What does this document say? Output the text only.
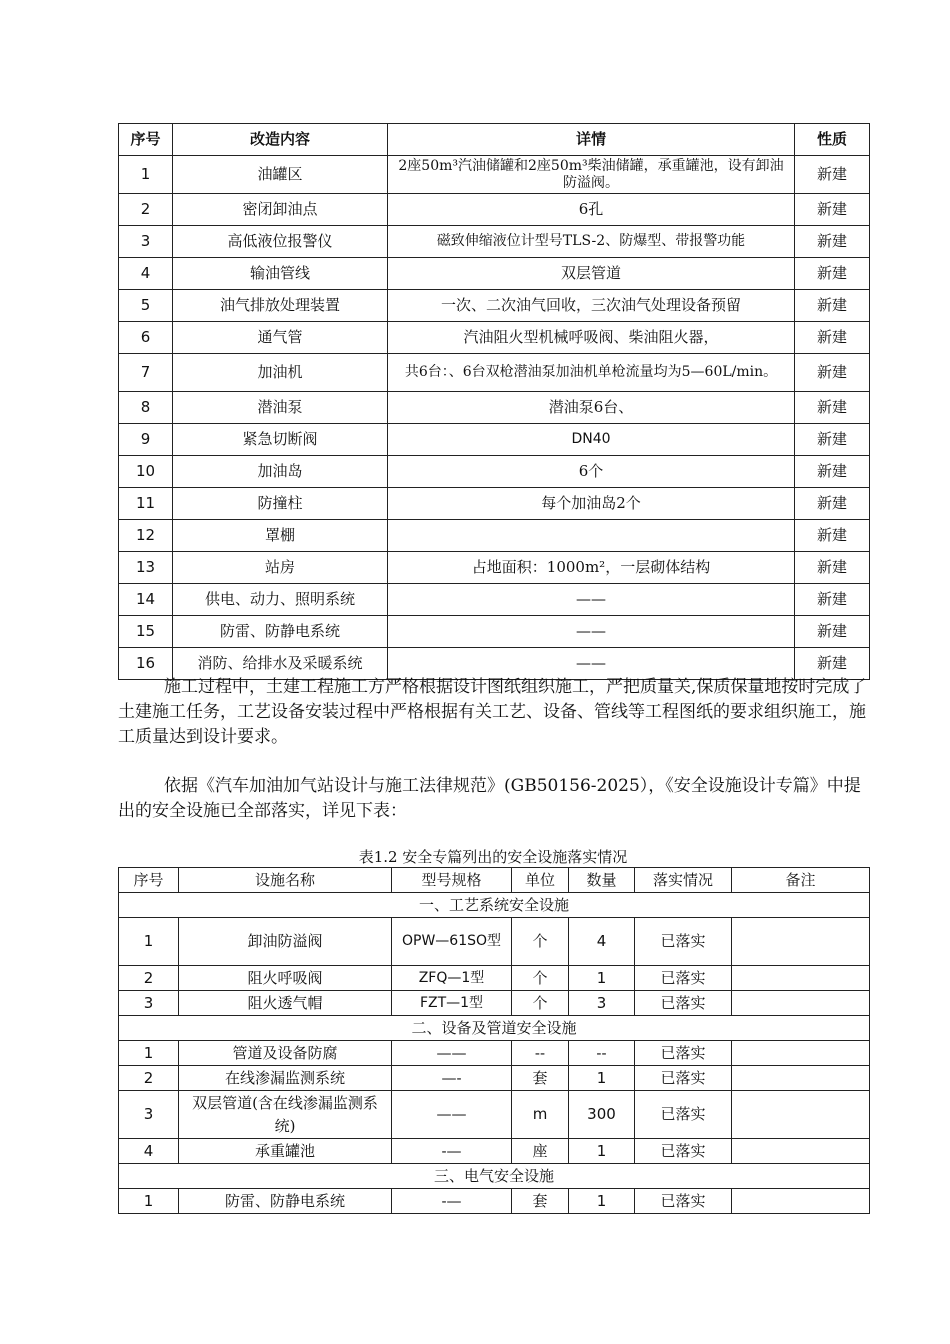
序号	改造内容	详情	性质
1	油罐区	2座50m³汽油储罐和2座50m³柴油储罐，承重罐池，设有卸油防溢阀。	新建
2	密闭卸油点	6孔	新建
3	高低液位报警仪	磁致伸缩液位计型号TLS-2、防爆型、带报警功能	新建
4	输油管线	双层管道	新建
5	油气排放处理装置	一次、二次油气回收，三次油气处理设备预留	新建
6	通气管	汽油阻火型机械呼吸阀、柴油阻火器，	新建
7	加油机	共6台：、6台双枪潜油泵加油机单枪流量均为5—60L/min。	新建
8	潜油泵	潜油泵6台、	新建
9	紧急切断阀	DN40	新建
10	加油岛	6个	新建
11	防撞柱	每个加油岛2个	新建
12	罩棚		新建
13	站房	占地面积：1000m²，一层砌体结构	新建
14	供电、动力、照明系统	——	新建
15	防雷、防静电系统	——	新建
16	消防、给排水及采暖系统	——	新建

施工过程中，土建工程施工方严格根据设计图纸组织施工，严把质量关,保质保量地按时完成了土建施工任务，工艺设备安装过程中严格根据有关工艺、设备、管线等工程图纸的要求组织施工，施工质量达到设计要求。

依据《汽车加油加气站设计与施工法律规范》(GB50156-2025），《安全设施设计专篇》中提出的安全设施已全部落实，详见下表：

表1.2 安全专篇列出的安全设施落实情况
序号	设施名称	型号规格	单位	数量	落实情况	备注
一、工艺系统安全设施						
1	卸油防溢阀	OPW—61SO型	个	4	已落实	
2	阻火呼吸阀	ZFQ—1型	个	1	已落实	
3	阻火透气帽	FZT—1型	个	3	已落实	
二、设备及管道安全设施						
1	管道及设备防腐	——	--	--	已落实	
2	在线渗漏监测系统	—-	套	1	已落实	
3	双层管道(含在线渗漏监测系统)	——	m	300	已落实	
4	承重罐池	-—	座	1	已落实	
三、电气安全设施						
1	防雷、防静电系统	-—	套	1	已落实	
